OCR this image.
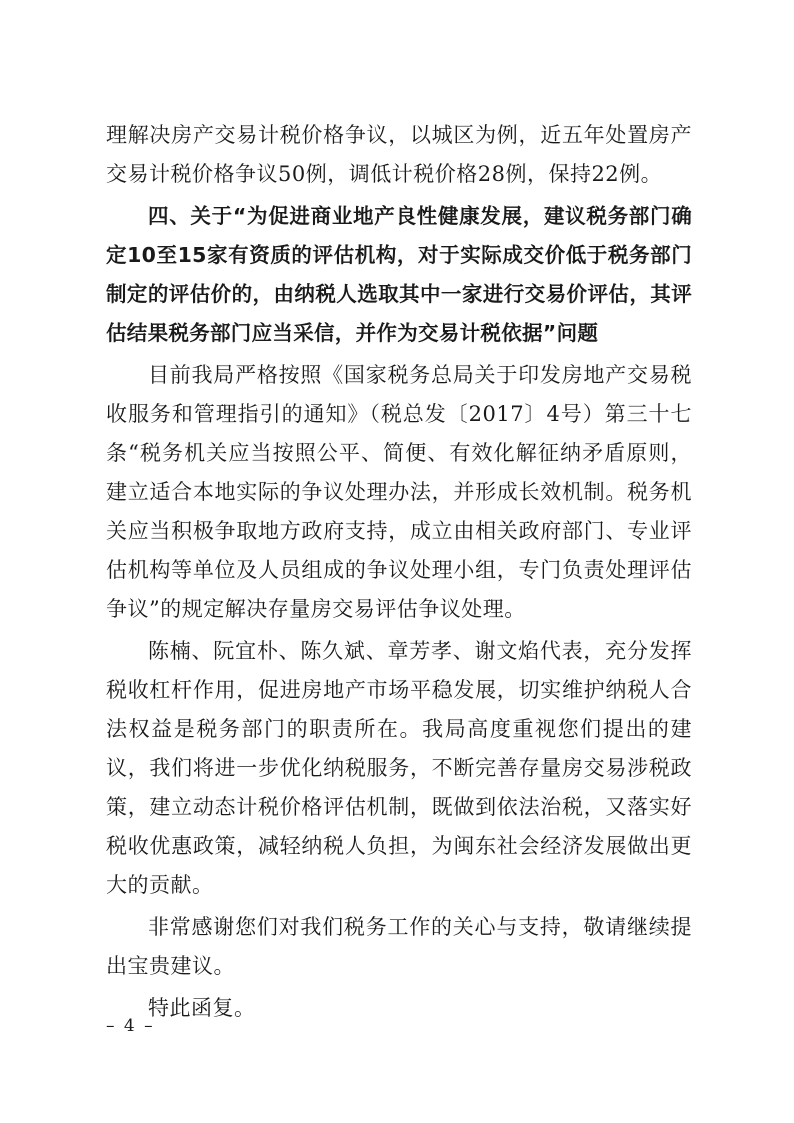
理解决房产交易计税价格争议，以城区为例，近五年处置房产交易计税价格争议50例，调低计税价格28例，保持22例。

四、关于“为促进商业地产良性健康发展，建议税务部门确定10至15家有资质的评估机构，对于实际成交价低于税务部门制定的评估价的，由纳税人选取其中一家进行交易价评估，其评估结果税务部门应当采信，并作为交易计税依据”问题

目前我局严格按照《国家税务总局关于印发房地产交易税收服务和管理指引的通知》（税总发〔2017〕4号）第三十七条“税务机关应当按照公平、简便、有效化解征纳矛盾原则，建立适合本地实际的争议处理办法，并形成长效机制。税务机关应当积极争取地方政府支持，成立由相关政府部门、专业评估机构等单位及人员组成的争议处理小组，专门负责处理评估争议”的规定解决存量房交易评估争议处理。

陈楠、阮宜朴、陈久斌、章芳孝、谢文焰代表，充分发挥税收杠杆作用，促进房地产市场平稳发展，切实维护纳税人合法权益是税务部门的职责所在。我局高度重视您们提出的建议，我们将进一步优化纳税服务，不断完善存量房交易涉税政策，建立动态计税价格评估机制，既做到依法治税，又落实好税收优惠政策，减轻纳税人负担，为闽东社会经济发展做出更大的贡献。

非常感谢您们对我们税务工作的关心与支持，敬请继续提出宝贵建议。

特此函复。

– 4 –
